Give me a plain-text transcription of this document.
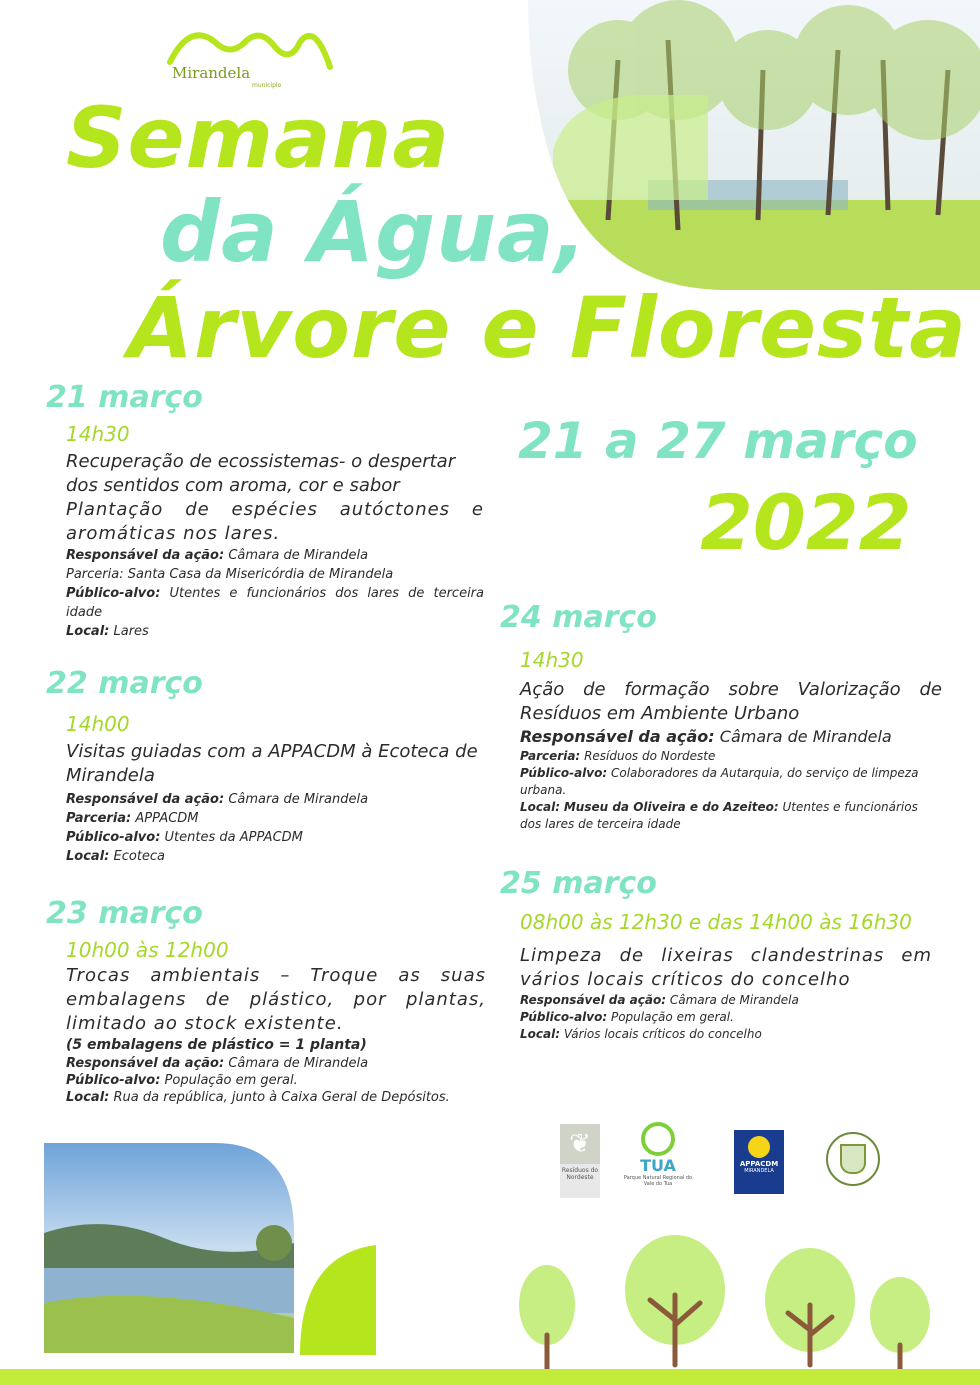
Mirandela
município
Semana
da Água,
Árvore e Floresta
21 a 27 março
2022
21 março
14h30
Recuperação de ecossistemas- o despertar dos sentidos com aroma, cor e sabor
Plantação de espécies autóctones e aromáticas nos lares.
Responsável da ação: Câmara de Mirandela
Parceria: Santa Casa da Misericórdia de Mirandela
Público-alvo: Utentes e funcionários dos lares de terceira idade
Local: Lares
22 março
14h00
Visitas guiadas com a APPACDM à Ecoteca de Mirandela
Responsável da ação: Câmara de Mirandela
Parceria: APPACDM
Público-alvo: Utentes da APPACDM
Local: Ecoteca
23 março
10h00 às 12h00
Trocas ambientais – Troque as suas embalagens de plástico, por plantas, limitado ao stock existente.
(5 embalagens de plástico = 1 planta)
Responsável da ação: Câmara de Mirandela
Público-alvo: População em geral.
Local: Rua da república, junto à Caixa Geral de Depósitos.
24 março
14h30
Ação de formação sobre Valorização de Resíduos em Ambiente Urbano
Responsável da ação: Câmara de Mirandela
Parceria: Resíduos do Nordeste
Público-alvo: Colaboradores da Autarquia, do serviço de limpeza urbana.
Local: Museu da Oliveira e do Azeiteo: Utentes e funcionários dos lares de terceira idade
25 março
08h00 às 12h30 e das 14h00 às 16h30
Limpeza de lixeiras clandestrinas em vários locais críticos do concelho
Responsável da ação: Câmara de Mirandela
Público-alvo: População em geral.
Local: Vários locais críticos do concelho
❦
Resíduos do Nordeste
TUA
Parque Natural Regional do Vale do Tua
APPACDM
MIRANDELA
